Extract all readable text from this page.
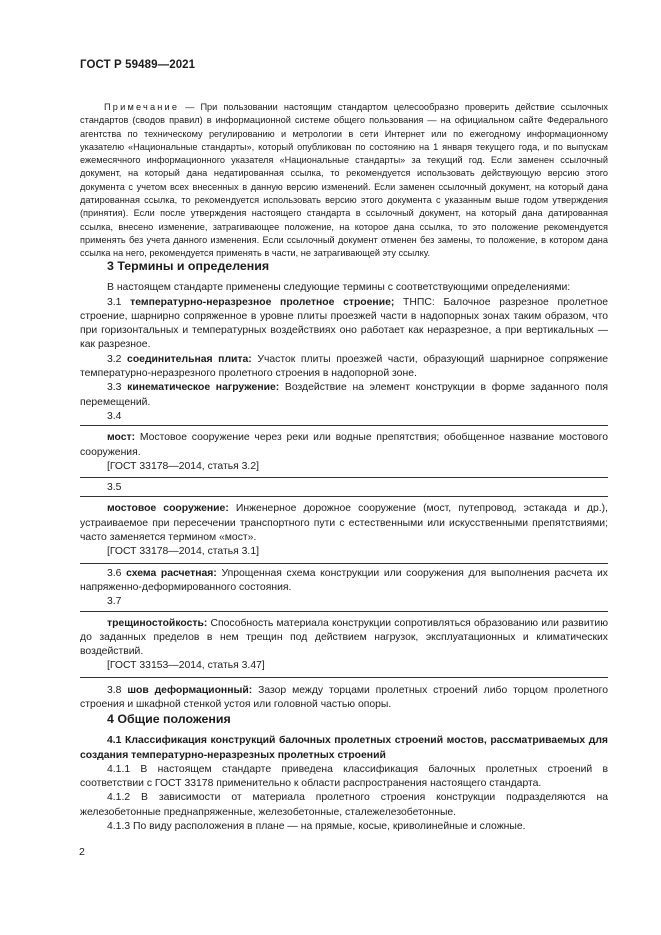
ГОСТ Р 59489—2021

Примечание — При пользовании настоящим стандартом целесообразно проверить действие ссылочных стандартов (сводов правил) в информационной системе общего пользования — на официальном сайте Федерального агентства по техническому регулированию и метрологии в сети Интернет или по ежегодному информационному указателю «Национальные стандарты», который опубликован по состоянию на 1 января текущего года, и по выпускам ежемесячного информационного указателя «Национальные стандарты» за текущий год. Если заменен ссылочный документ, на который дана недатированная ссылка, то рекомендуется использовать действующую версию этого документа с учетом всех внесенных в данную версию изменений. Если заменен ссылочный документ, на который дана датированная ссылка, то рекомендуется использовать версию этого документа с указанным выше годом утверждения (принятия). Если после утверждения настоящего стандарта в ссылочный документ, на который дана датированная ссылка, внесено изменение, затрагивающее положение, на которое дана ссылка, то это положение рекомендуется применять без учета данного изменения. Если ссылочный документ отменен без замены, то положение, в котором дана ссылка на него, рекомендуется применять в части, не затрагивающей эту ссылку.

3 Термины и определения

В настоящем стандарте применены следующие термины с соответствующими определениями:

3.1 температурно-неразрезное пролетное строение; ТНПС: Балочное разрезное пролетное строение, шарнирно сопряженное в уровне плиты проезжей части в надопорных зонах таким образом, что при горизонтальных и температурных воздействиях оно работает как неразрезное, а при вертикальных — как разрезное.

3.2 соединительная плита: Участок плиты проезжей части, образующий шарнирное сопряжение температурно-неразрезного пролетного строения в надопорной зоне.

3.3 кинематическое нагружение: Воздействие на элемент конструкции в форме заданного поля перемещений.

3.4

мост: Мостовое сооружение через реки или водные препятствия; обобщенное название мостового сооружения.

[ГОСТ 33178—2014, статья 3.2]

3.5

мостовое сооружение: Инженерное дорожное сооружение (мост, путепровод, эстакада и др.), устраиваемое при пересечении транспортного пути с естественными или искусственными препятствиями; часто заменяется термином «мост».

[ГОСТ 33178—2014, статья 3.1]

3.6 схема расчетная: Упрощенная схема конструкции или сооружения для выполнения расчета их напряженно-деформированного состояния.

3.7

трещиностойкость: Способность материала конструкции сопротивляться образованию или развитию до заданных пределов в нем трещин под действием нагрузок, эксплуатационных и климатических воздействий.

[ГОСТ 33153—2014, статья 3.47]

3.8 шов деформационный: Зазор между торцами пролетных строений либо торцом пролетного строения и шкафной стенкой устоя или головной частью опоры.

4 Общие положения

4.1 Классификация конструкций балочных пролетных строений мостов, рассматриваемых для создания температурно-неразрезных пролетных строений

4.1.1 В настоящем стандарте приведена классификация балочных пролетных строений в соответствии с ГОСТ 33178 применительно к области распространения настоящего стандарта.

4.1.2 В зависимости от материала пролетного строения конструкции подразделяются на железобетонные преднапряженные, железобетонные, сталежелезобетонные.

4.1.3 По виду расположения в плане — на прямые, косые, криволинейные и сложные.

2
